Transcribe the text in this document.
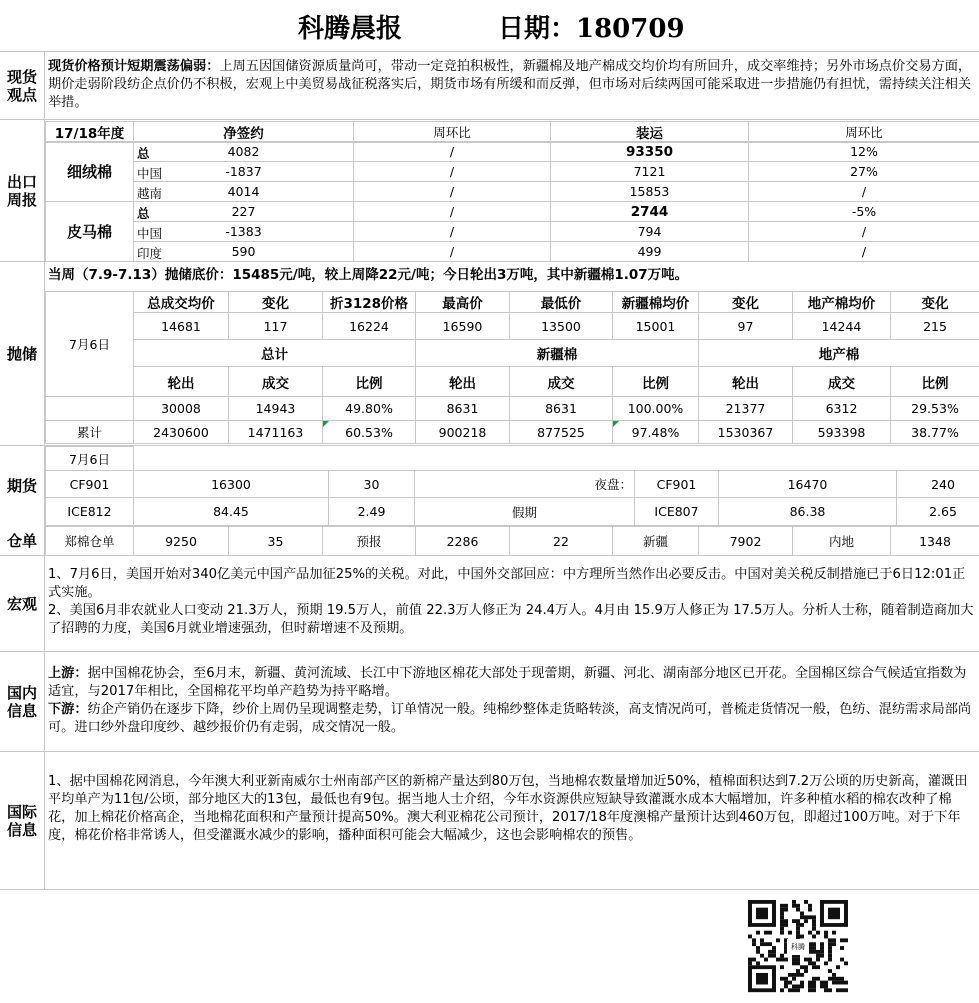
科腾晨报	日期：180709
现货观点
现货价格预计短期震荡偏弱：上周五因国储资源质量尚可，带动一定竞拍积极性，新疆棉及地产棉成交均价均有所回升，成交率维持；另外市场点价交易方面，期价走弱阶段纺企点价仍不积极，宏观上中美贸易战征税落实后，期货市场有所缓和而反弹，但市场对后续两国可能采取进一步措施仍有担忧，需持续关注相关举措。
出口周报
17/18年度	净签约	周环比	装运	周环比
细绒棉	总 4082	/	93350	12%

	中国 -1837	/	7121	27%

	越南 4014	/	15853	/
皮马棉	总 227	/	2744	-5%

	中国 -1383	/	794	/

	印度 590	/	499	/
抛储
当周（7.9-7.13）抛储底价：15485元/吨，较上周降22元/吨；今日轮出3万吨，其中新疆棉1.07万吨。
7月6日	总成交均价	变化	折3128价格	最高价	最低价	新疆棉均价	变化	地产棉均价	变化
	14681	117	16224	16590	13500	15001	97	14244	215
	总计			新疆棉			地产棉		
	轮出	成交	比例	轮出	成交	比例	轮出	成交	比例
	30008	14943	49.80%	8631	8631	100.00%	21377	6312	29.53%
累计	2430600	1471163	60.53%	900218	877525	97.48%	1530367	593398	38.77%
期货
仓单
7月6日						
CF901	16300	30	夜盘：	CF901	16470	240
ICE812	84.45	2.49	假期	ICE807	86.38	2.65
郑棉仓单	9250	35	预报	2286	22	新疆	7902	内地	1348
宏观
1、7月6日，美国开始对340亿美元中国产品加征25%的关税。对此，中国外交部回应：中方理所当然作出必要反击。中国对美关税反制措施已于6日12:01正式实施。
2、美国6月非农就业人口变动 21.3万人，预期 19.5万人，前值 22.3万人修正为 24.4万人。4月由 15.9万人修正为 17.5万人。分析人士称，随着制造商加大了招聘的力度，美国6月就业增速强劲，但时薪增速不及预期。
国内信息
上游：据中国棉花协会，至6月末，新疆、黄河流域、长江中下游地区棉花大部处于现蕾期，新疆、河北、湖南部分地区已开花。全国棉区综合气候适宜指数为适宜，与2017年相比，全国棉花平均单产趋势为持平略增。
下游：纺企产销仍在逐步下降，纱价上周仍呈现调整走势，订单情况一般。纯棉纱整体走货略转淡，高支情况尚可，普梳走货情况一般，色纺、混纺需求局部尚可。进口纱外盘印度纱、越纱报价仍有走弱，成交情况一般。
国际信息
1、据中国棉花网消息，今年澳大利亚新南威尔士州南部产区的新棉产量达到80万包，当地棉农数量增加近50%，植棉面积达到7.2万公顷的历史新高，灌溉田平均单产为11包/公顷，部分地区大的13包，最低也有9包。据当地人士介绍，今年水资源供应短缺导致灌溉水成本大幅增加，许多种植水稻的棉农改种了棉花，加上棉花价格高企，当地棉花面积和产量预计提高50%。澳大利亚棉花公司预计，2017/18年度澳棉产量预计达到460万包，即超过100万吨。对于下年度，棉花价格非常诱人，但受灌溉水减少的影响，播种面积可能会大幅减少，这也会影响棉农的预售。
科腾
